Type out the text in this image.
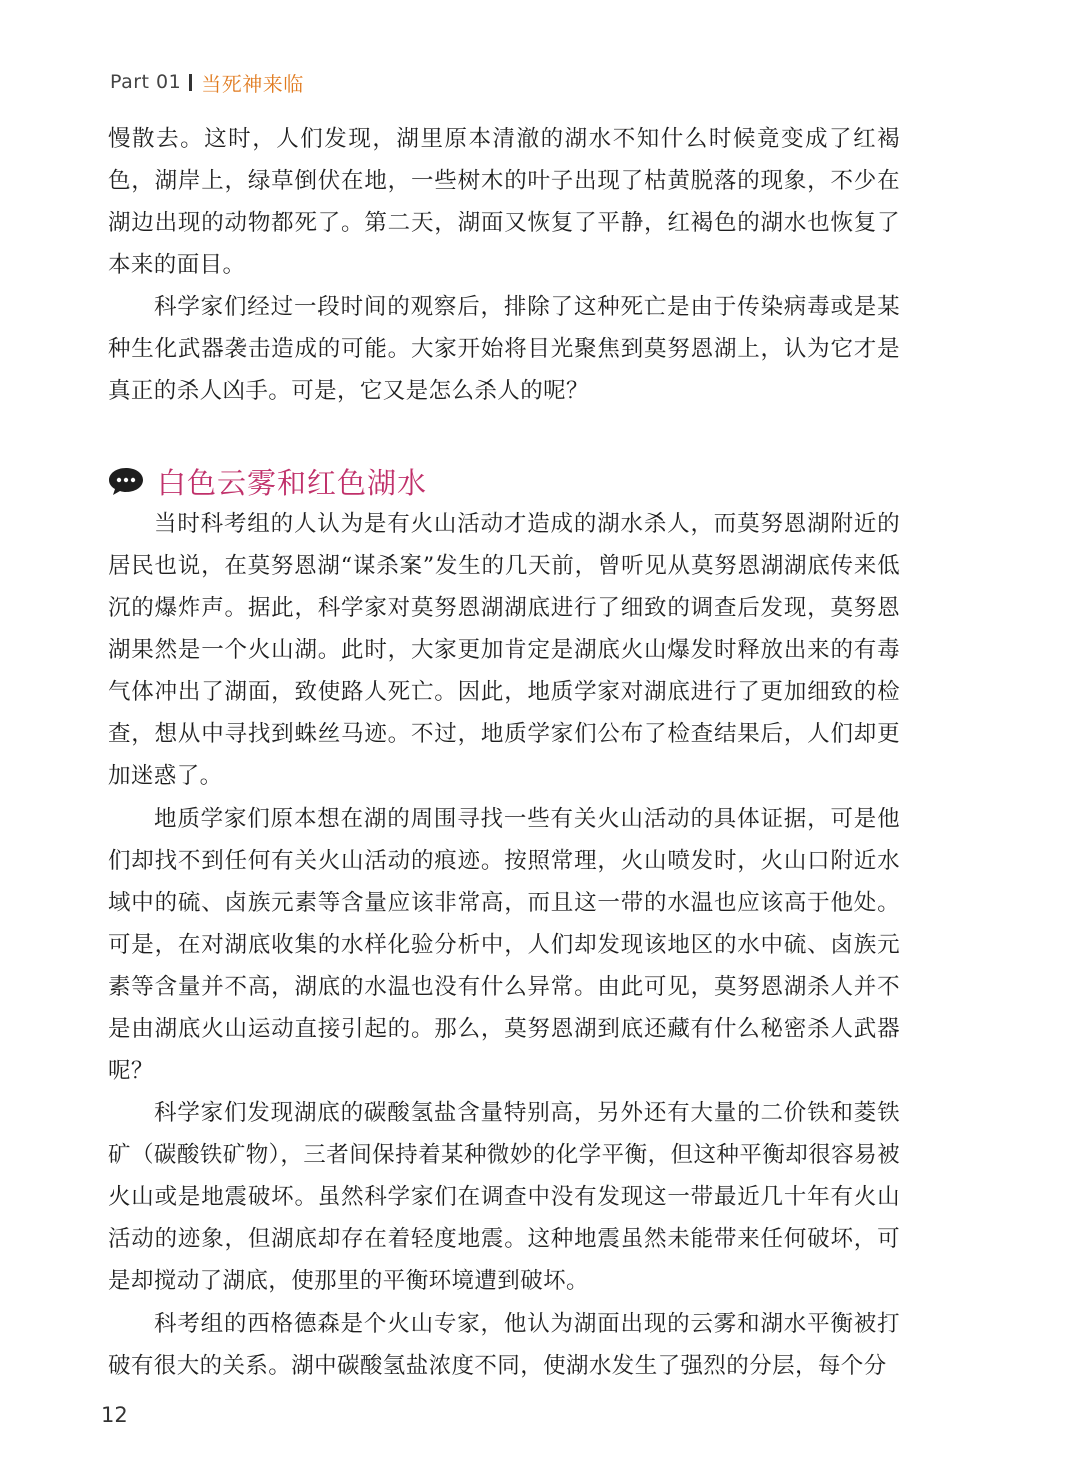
Part 01 当死神来临

慢散去。这时，人们发现，湖里原本清澈的湖水不知什么时候竟变成了红褐色，湖岸上，绿草倒伏在地，一些树木的叶子出现了枯黄脱落的现象，不少在湖边出现的动物都死了。第二天，湖面又恢复了平静，红褐色的湖水也恢复了本来的面目。

科学家们经过一段时间的观察后，排除了这种死亡是由于传染病毒或是某种生化武器袭击造成的可能。大家开始将目光聚焦到莫努恩湖上，认为它才是真正的杀人凶手。可是，它又是怎么杀人的呢？

白色云雾和红色湖水

当时科考组的人认为是有火山活动才造成的湖水杀人，而莫努恩湖附近的居民也说，在莫努恩湖“谋杀案”发生的几天前，曾听见从莫努恩湖湖底传来低沉的爆炸声。据此，科学家对莫努恩湖湖底进行了细致的调查后发现，莫努恩湖果然是一个火山湖。此时，大家更加肯定是湖底火山爆发时释放出来的有毒气体冲出了湖面，致使路人死亡。因此，地质学家对湖底进行了更加细致的检查，想从中寻找到蛛丝马迹。不过，地质学家们公布了检查结果后，人们却更加迷惑了。

地质学家们原本想在湖的周围寻找一些有关火山活动的具体证据，可是他们却找不到任何有关火山活动的痕迹。按照常理，火山喷发时，火山口附近水域中的硫、卤族元素等含量应该非常高，而且这一带的水温也应该高于他处。可是，在对湖底收集的水样化验分析中，人们却发现该地区的水中硫、卤族元素等含量并不高，湖底的水温也没有什么异常。由此可见，莫努恩湖杀人并不是由湖底火山运动直接引起的。那么，莫努恩湖到底还藏有什么秘密杀人武器呢？

科学家们发现湖底的碳酸氢盐含量特别高，另外还有大量的二价铁和菱铁矿（碳酸铁矿物），三者间保持着某种微妙的化学平衡，但这种平衡却很容易被火山或是地震破坏。虽然科学家们在调查中没有发现这一带最近几十年有火山活动的迹象，但湖底却存在着轻度地震。这种地震虽然未能带来任何破坏，可是却搅动了湖底，使那里的平衡环境遭到破坏。

科考组的西格德森是个火山专家，他认为湖面出现的云雾和湖水平衡被打破有很大的关系。湖中碳酸氢盐浓度不同，使湖水发生了强烈的分层，每个分

12
